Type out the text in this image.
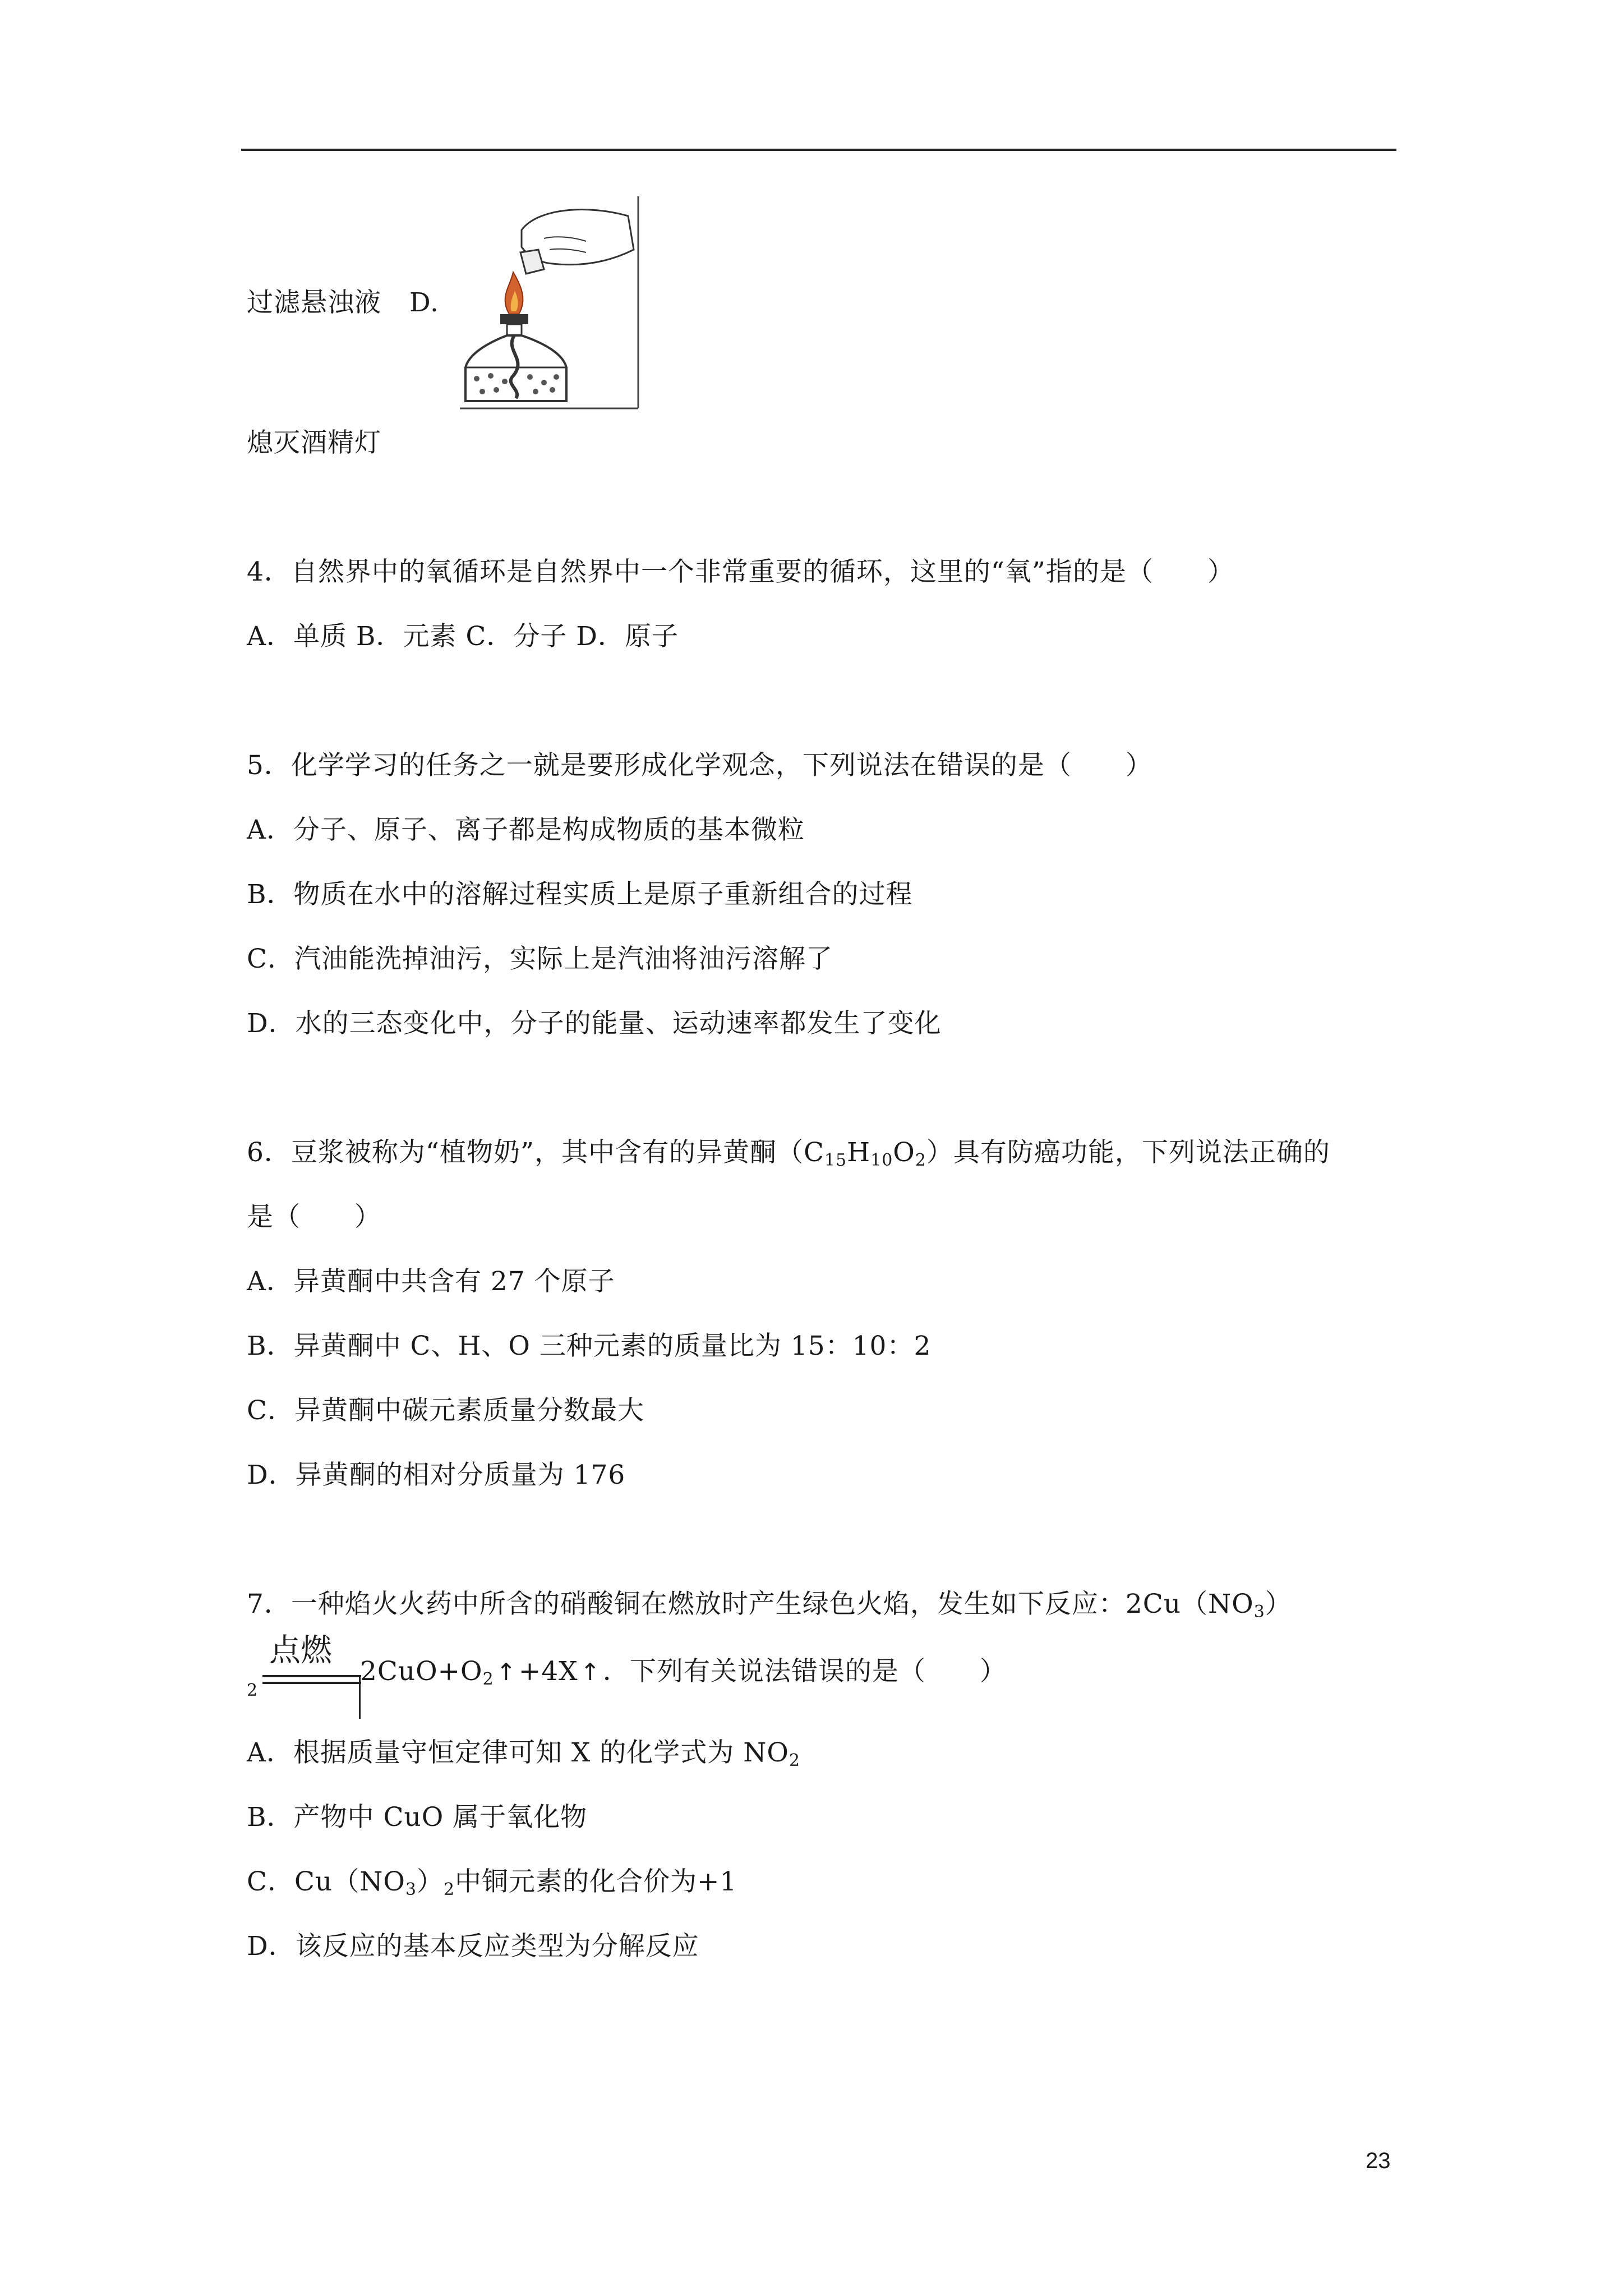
过滤悬浊液 D.
熄灭酒精灯
4．自然界中的氧循环是自然界中一个非常重要的循环，这里的“氧”指的是（　　）
A．单质 B．元素 C．分子 D．原子
5．化学学习的任务之一就是要形成化学观念，下列说法在错误的是（　　）
A．分子、原子、离子都是构成物质的基本微粒
B．物质在水中的溶解过程实质上是原子重新组合的过程
C．汽油能洗掉油污，实际上是汽油将油污溶解了
D．水的三态变化中，分子的能量、运动速率都发生了变化
6．豆浆被称为“植物奶”，其中含有的异黄酮$(C_{15}H_{10}O_2)$具有防癌功能，下列说法正确的
是（　　）
A．异黄酮中共含有 27 个原子
B．异黄酮中 C、H、O 三种元素的质量比为 15：10：2
C．异黄酮中碳元素质量分数最大
D．异黄酮的相对分质量为 176
7．一种焰火火药中所含的硝酸铜在燃放时产生绿色火焰，发生如下反应：$2Cu(NO_3)$
点燃
2
$2CuO+O_2↑+4X↑$．下列有关说法错误的是（　　）
A．根据质量守恒定律可知 X 的化学式为 $NO_2$
B．产物中 CuO 属于氧化物
C．$Cu(NO_3)_2$中铜元素的化合价为+1
D．该反应的基本反应类型为分解反应
23
